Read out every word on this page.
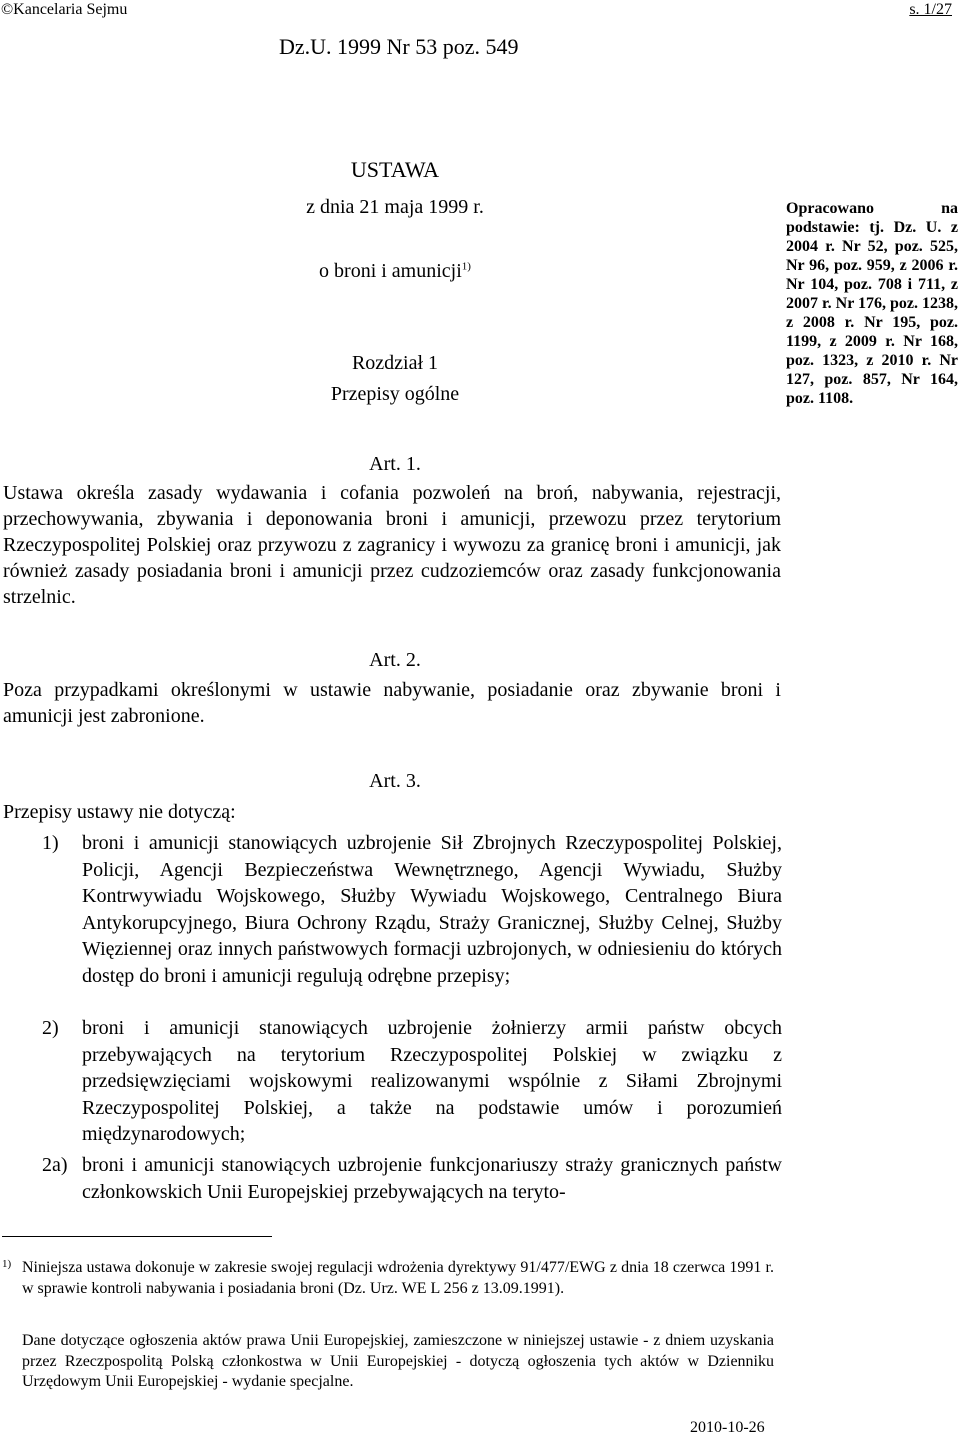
©Kancelaria Sejmu	s. 1/27
Dz.U. 1999 Nr 53 poz. 549
USTAWA
z dnia 21 maja 1999 r.
o broni i amunicji$^{1)}$
Rozdział 1
Przepisy ogólne
Opracowano na podstawie: tj. Dz. U. z 2004 r. Nr 52, poz. 525, Nr 96, poz. 959, z 2006 r. Nr 104, poz. 708 i 711, z 2007 r. Nr 176, poz. 1238, z 2008 r. Nr 195, poz. 1199, z 2009 r. Nr 168, poz. 1323, z 2010 r. Nr 127, poz. 857, Nr 164, poz. 1108.
Art. 1.
Ustawa określa zasady wydawania i cofania pozwoleń na broń, nabywania, rejestracji, przechowywania, zbywania i deponowania broni i amunicji, przewozu przez terytorium Rzeczypospolitej Polskiej oraz przywozu z zagranicy i wywozu za granicę broni i amunicji, jak również zasady posiadania broni i amunicji przez cudzoziemców oraz zasady funkcjonowania strzelnic.
Art. 2.
Poza przypadkami określonymi w ustawie nabywanie, posiadanie oraz zbywanie broni i amunicji jest zabronione.
Art. 3.
Przepisy ustawy nie dotyczą:
1) broni i amunicji stanowiących uzbrojenie Sił Zbrojnych Rzeczypospolitej Polskiej, Policji, Agencji Bezpieczeństwa Wewnętrznego, Agencji Wywiadu, Służby Kontrwywiadu Wojskowego, Służby Wywiadu Wojskowego, Centralnego Biura Antykorupcyjnego, Biura Ochrony Rządu, Straży Granicznej, Służby Celnej, Służby Więziennej oraz innych państwowych formacji uzbrojonych, w odniesieniu do których dostęp do broni i amunicji regulują odrębne przepisy;
2) broni i amunicji stanowiących uzbrojenie żołnierzy armii państw obcych przebywających na terytorium Rzeczypospolitej Polskiej w związku z przedsięwzięciami wojskowymi realizowanymi wspólnie z Siłami Zbrojnymi Rzeczypospolitej Polskiej, a także na podstawie umów i porozumień międzynarodowych;
2a) broni i amunicji stanowiących uzbrojenie funkcjonariuszy straży granicznych państw członkowskich Unii Europejskiej przebywających na teryto-
1) Niniejsza ustawa dokonuje w zakresie swojej regulacji wdrożenia dyrektywy 91/477/EWG z dnia 18 czerwca 1991 r. w sprawie kontroli nabywania i posiadania broni (Dz. Urz. WE L 256 z 13.09.1991).
Dane dotyczące ogłoszenia aktów prawa Unii Europejskiej, zamieszczone w niniejszej ustawie - z dniem uzyskania przez Rzeczpospolitą Polską członkostwa w Unii Europejskiej - dotyczą ogłoszenia tych aktów w Dzienniku Urzędowym Unii Europejskiej - wydanie specjalne.
2010-10-26
